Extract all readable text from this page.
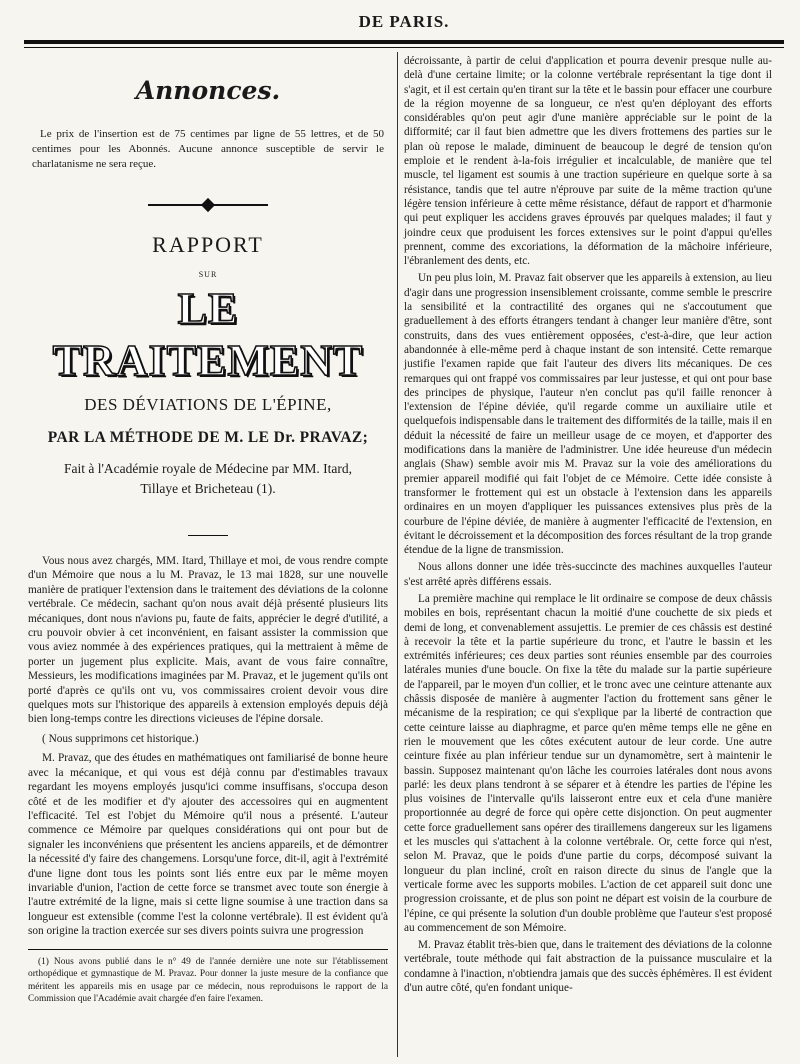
DE PARIS.
Annonces.
Le prix de l'insertion est de 75 centimes par ligne de 55 lettres, et de 50 centimes pour les Abonnés. Aucune annonce susceptible de servir le charlatanisme ne sera reçue.
RAPPORT
SUR
LE TRAITEMENT
DES DÉVIATIONS DE L'ÉPINE,
PAR LA MÉTHODE DE M. LE Dr. PRAVAZ;
Fait à l'Académie royale de Médecine par MM. Itard,
Tillaye et Bricheteau (1).

Vous nous avez chargés, MM. Itard, Thillaye et moi, de vous rendre compte d'un Mémoire que nous a lu M. Pravaz, le 13 mai 1828, sur une nouvelle manière de pratiquer l'extension dans le traitement des déviations de la colonne vertébrale. Ce médecin, sachant qu'on nous avait déjà présenté plusieurs lits mécaniques, dont nous n'avions pu, faute de faits, apprécier le degré d'utilité, a cru pouvoir obvier à cet inconvénient, en faisant assister la commission que vous aviez nommée à des expériences pratiques, qui la mettraient à même de porter un jugement plus explicite. Mais, avant de vous faire connaître, Messieurs, les modifications imaginées par M. Pravaz, et le jugement qu'ils ont porté d'après ce qu'ils ont vu, vos commissaires croient devoir vous dire quelques mots sur l'historique des appareils à extension employés depuis déjà bien long-temps contre les directions vicieuses de l'épine dorsale.

( Nous supprimons cet historique.)

M. Pravaz, que des études en mathématiques ont familiarisé de bonne heure avec la mécanique, et qui vous est déjà connu par d'estimables travaux regardant les moyens employés jusqu'ici comme insuffisans, s'occupa deson côté et de les modifier et d'y ajouter des accessoires qui en augmentent l'efficacité. Tel est l'objet du Mémoire qu'il nous a présenté. L'auteur commence ce Mémoire par quelques considérations qui ont pour but de signaler les inconvéniens que présentent les anciens appareils, et de démontrer la nécessité d'y faire des changemens. Lorsqu'une force, dit-il, agit à l'extrémité d'une ligne dont tous les points sont liés entre eux par le même moyen invariable d'union, l'action de cette force se transmet avec toute son énergie à l'autre extrémité de la ligne, mais si cette ligne soumise à une traction dans sa longueur est extensible (comme l'est la colonne vertébrale). Il est évident qu'à son origine la traction exercée sur ses divers points suivra une progression

(1) Nous avons publié dans le n° 49 de l'année dernière une note sur l'établissement orthopédique et gymnastique de M. Pravaz. Pour donner la juste mesure de la confiance que méritent les appareils mis en usage par ce médecin, nous reproduisons le rapport de la Commission que l'Académie avait chargée d'en faire l'examen.

décroissante, à partir de celui d'application et pourra devenir presque nulle au-delà d'une certaine limite; or la colonne vertébrale représentant la tige dont il s'agit, et il est certain qu'en tirant sur la tête et le bassin pour effacer une courbure de la région moyenne de sa longueur, ce n'est qu'en déployant des efforts considérables qu'on peut agir d'une manière appréciable sur le point de la difformité; car il faut bien admettre que les divers frottemens des parties sur le plan où repose le malade, diminuent de beaucoup le degré de tension qu'on emploie et le rendent à-la-fois irrégulier et incalculable, de manière que tel muscle, tel ligament est soumis à une traction supérieure en quelque sorte à sa résistance, tandis que tel autre n'éprouve par suite de la même traction qu'une légère tension inférieure à cette même résistance, défaut de rapport et d'harmonie qui peut expliquer les accidens graves éprouvés par quelques malades; il faut y joindre ceux que produisent les forces extensives sur le point d'appui qu'elles prennent, comme des excoriations, la déformation de la mâchoire inférieure, l'ébranlement des dents, etc.

Un peu plus loin, M. Pravaz fait observer que les appareils à extension, au lieu d'agir dans une progression insensiblement croissante, comme semble le prescrire la sensibilité et la contractilité des organes qui ne s'accoutument que graduellement à des efforts étrangers tendant à changer leur manière d'être, sont construits, dans des vues entièrement opposées, c'est-à-dire, que leur action abandonnée à elle-même perd à chaque instant de son intensité. Cette remarque justifie l'examen rapide que fait l'auteur des divers lits mécaniques. De ces remarques qui ont frappé vos commissaires par leur justesse, et qui ont pour base des principes de physique, l'auteur n'en conclut pas qu'il faille renoncer à l'extension de l'épine déviée, qu'il regarde comme un auxiliaire utile et quelquefois indispensable dans le traitement des difformités de la taille, mais il en déduit la nécessité de faire un meilleur usage de ce moyen, et d'apporter des modifications dans la manière de l'administrer. Une idée heureuse d'un médecin anglais (Shaw) semble avoir mis M. Pravaz sur la voie des améliorations du premier appareil modifié qui fait l'objet de ce Mémoire. Cette idée consiste à transformer le frottement qui est un obstacle à l'extension dans les appareils ordinaires en un moyen d'appliquer les puissances extensives plus près de la courbure de l'épine déviée, de manière à augmenter l'efficacité de l'extension, en évitant le décroissement et la décomposition des forces résultant de la trop grande étendue de la ligne de transmission.

Nous allons donner une idée très-succincte des machines auxquelles l'auteur s'est arrêté après différens essais.

La première machine qui remplace le lit ordinaire se compose de deux châssis mobiles en bois, représentant chacun la moitié d'une couchette de six pieds et demi de long, et convenablement assujettis. Le premier de ces châssis est destiné à recevoir la tête et la partie supérieure du tronc, et l'autre le bassin et les extrémités inférieures; ces deux parties sont réunies ensemble par des courroies latérales munies d'une boucle. On fixe la tête du malade sur la partie supérieure de l'appareil, par le moyen d'un collier, et le tronc avec une ceinture attenante aux châssis disposée de manière à augmenter l'action du frottement sans gêner le mécanisme de la respiration; ce qui s'explique par la liberté de contraction que cette ceinture laisse au diaphragme, et parce qu'en même temps elle ne gêne en rien le mouvement que les côtes exécutent autour de leur corde. Une autre ceinture fixée au plan inférieur tendue sur un dynamomètre, sert à maintenir le bassin. Supposez maintenant qu'on lâche les courroies latérales dont nous avons parlé: les deux plans tendront à se séparer et à étendre les parties de l'épine les plus voisines de l'intervalle qu'ils laisseront entre eux et cela d'une manière proportionnée au degré de force qui opère cette disjonction. On peut augmenter cette force graduellement sans opérer des tiraillemens dangereux sur les ligamens et les muscles qui s'attachent à la colonne vertébrale. Or, cette force qui n'est, selon M. Pravaz, que le poids d'une partie du corps, décomposé suivant la longueur du plan incliné, croît en raison directe du sinus de l'angle que la verticale forme avec les supports mobiles. L'action de cet appareil suit donc une progression croissante, et de plus son point ne départ est voisin de la courbure de l'épine, ce qui présente la solution d'un double problème que l'auteur s'est proposé au commencement de son Mémoire.

M. Pravaz établit très-bien que, dans le traitement des déviations de la colonne vertébrale, toute méthode qui fait abstraction de la puissance musculaire et la condamne à l'inaction, n'obtiendra jamais que des succès éphémères. Il est évident d'un autre côté, qu'en fondant unique-
